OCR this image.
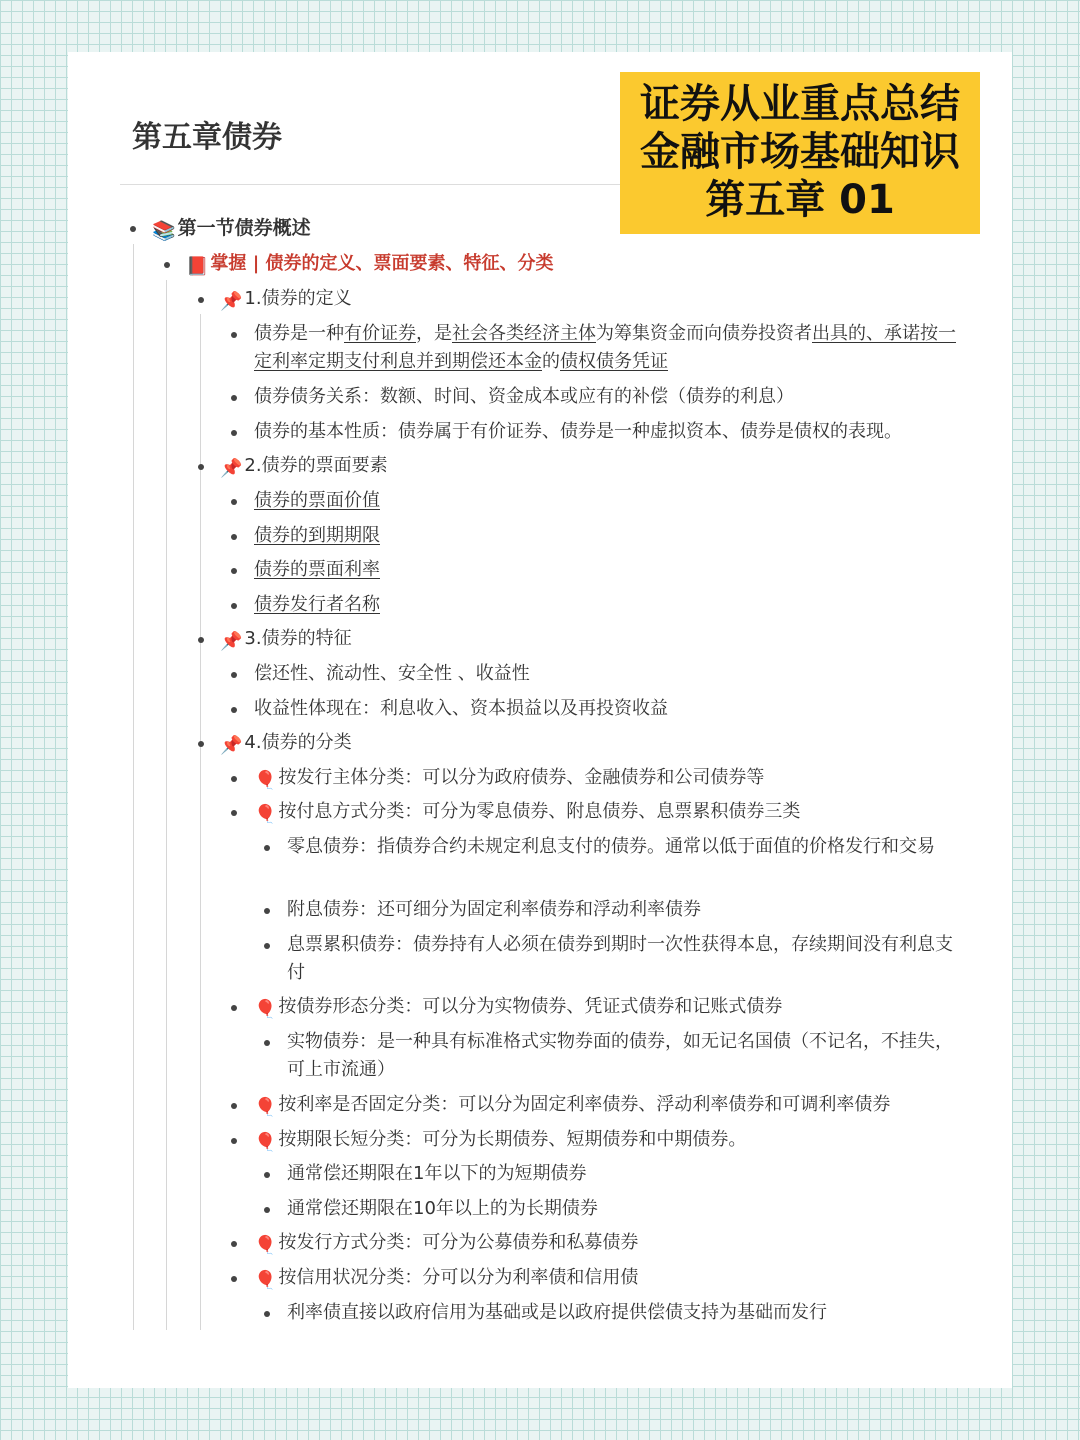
第五章债券
证券从业重点总结
金融市场基础知识
第五章 01
📚 第一节债券概述
📕 掌握 | 债券的定义、票面要素、特征、分类
📌 1.债券的定义
债券是一种有价证券，是社会各类经济主体为筹集资金而向债券投资者出具的、承诺按一定利率定期支付利息并到期偿还本金的债权债务凭证
债券债务关系：数额、时间、资金成本或应有的补偿（债券的利息）
债券的基本性质：债券属于有价证券、债券是一种虚拟资本、债券是债权的表现。
📌 2.债券的票面要素
债券的票面价值
债券的到期期限
债券的票面利率
债券发行者名称
📌 3.债券的特征
偿还性、流动性、安全性 、收益性
收益性体现在：利息收入、资本损益以及再投资收益
📌 4.债券的分类
🎈 按发行主体分类：可以分为政府债券、金融债券和公司债券等
🎈 按付息方式分类：可分为零息债券、附息债券、息票累积债券三类
零息债券：指债券合约未规定利息支付的债券。通常以低于面值的价格发行和交易
附息债券：还可细分为固定利率债券和浮动利率债券
息票累积债券：债券持有人必须在债券到期时一次性获得本息，存续期间没有利息支付
🎈 按债券形态分类：可以分为实物债券、凭证式债券和记账式债券
实物债券：是一种具有标准格式实物券面的债券，如无记名国债（不记名，不挂失，可上市流通）
🎈 按利率是否固定分类：可以分为固定利率债券、浮动利率债券和可调利率债券
🎈 按期限长短分类：可分为长期债券、短期债券和中期债券。
通常偿还期限在1年以下的为短期债券
通常偿还期限在10年以上的为长期债券
🎈 按发行方式分类：可分为公募债券和私募债券
🎈 按信用状况分类：分可以分为利率债和信用债
利率债直接以政府信用为基础或是以政府提供偿债支持为基础而发行
